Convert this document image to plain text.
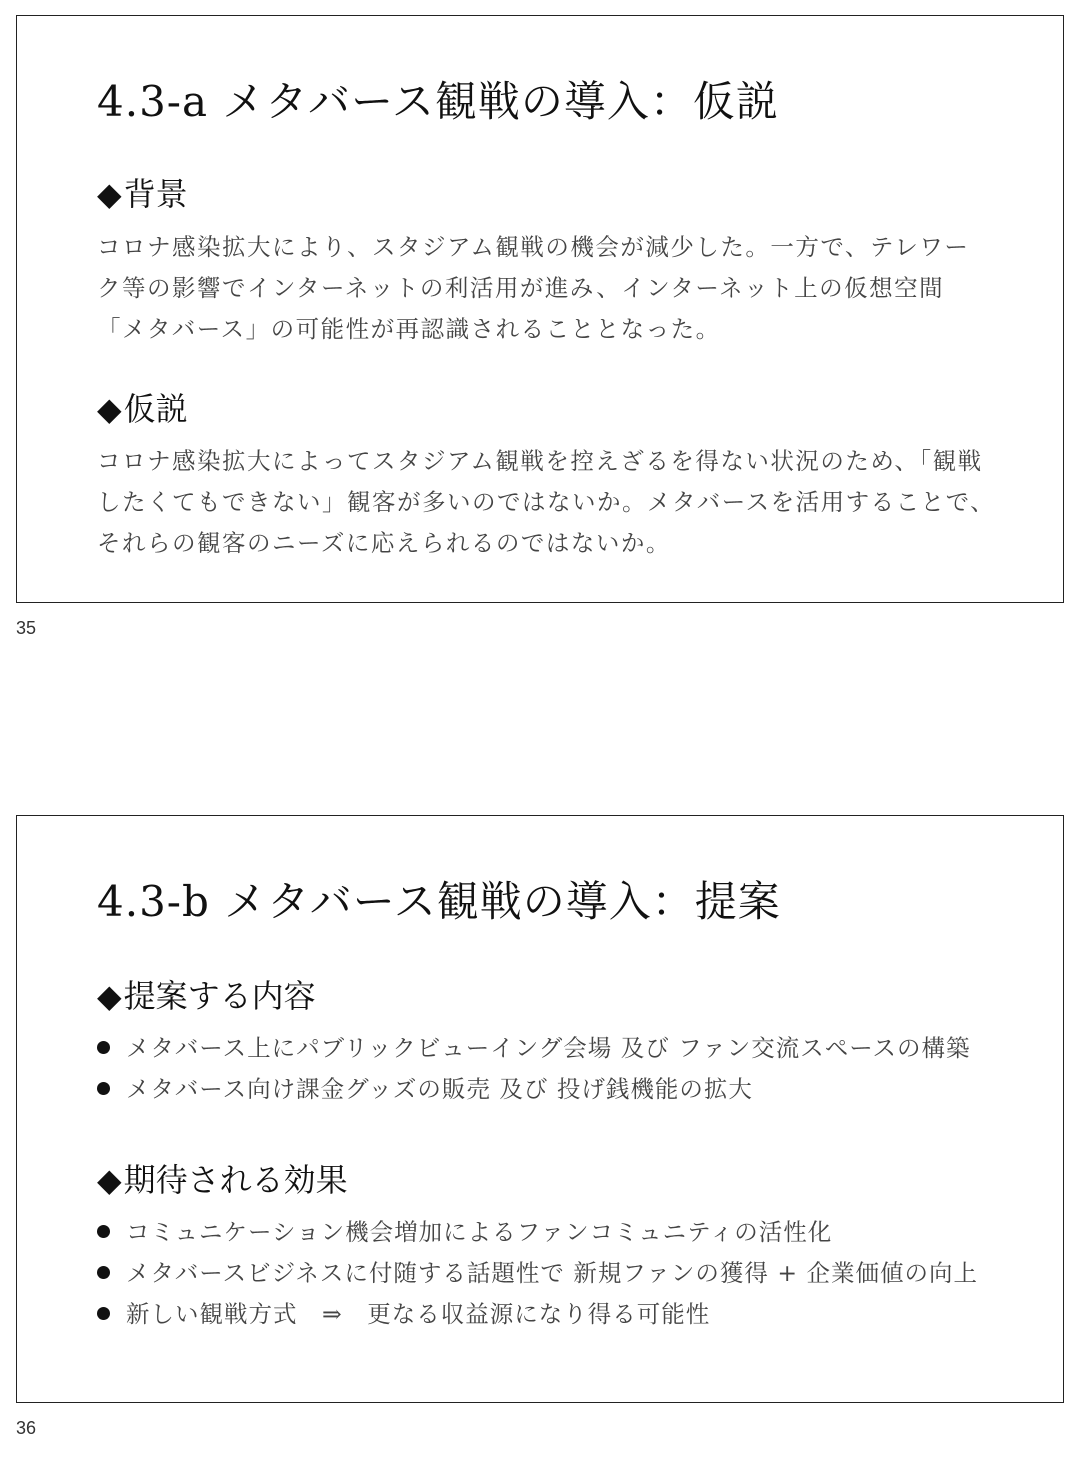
4.3-a メタバース観戦の導入：仮説
◆背景
コロナ感染拡大により、スタジアム観戦の機会が減少した。一方で、テレワー
ク等の影響でインターネットの利活用が進み、インターネット上の仮想空間
「メタバース」の可能性が再認識されることとなった。
◆仮説
コロナ感染拡大によってスタジアム観戦を控えざるを得ない状況のため、「観戦
したくてもできない」観客が多いのではないか。メタバースを活用することで、
それらの観客のニーズに応えられるのではないか。
35
4.3-b メタバース観戦の導入：提案
◆提案する内容
メタバース上にパブリックビューイング会場 及び ファン交流スペースの構築
メタバース向け課金グッズの販売 及び 投げ銭機能の拡大
◆期待される効果
コミュニケーション機会増加によるファンコミュニティの活性化
メタバースビジネスに付随する話題性で 新規ファンの獲得 + 企業価値の向上
新しい観戦方式　⇒　更なる収益源になり得る可能性
36
